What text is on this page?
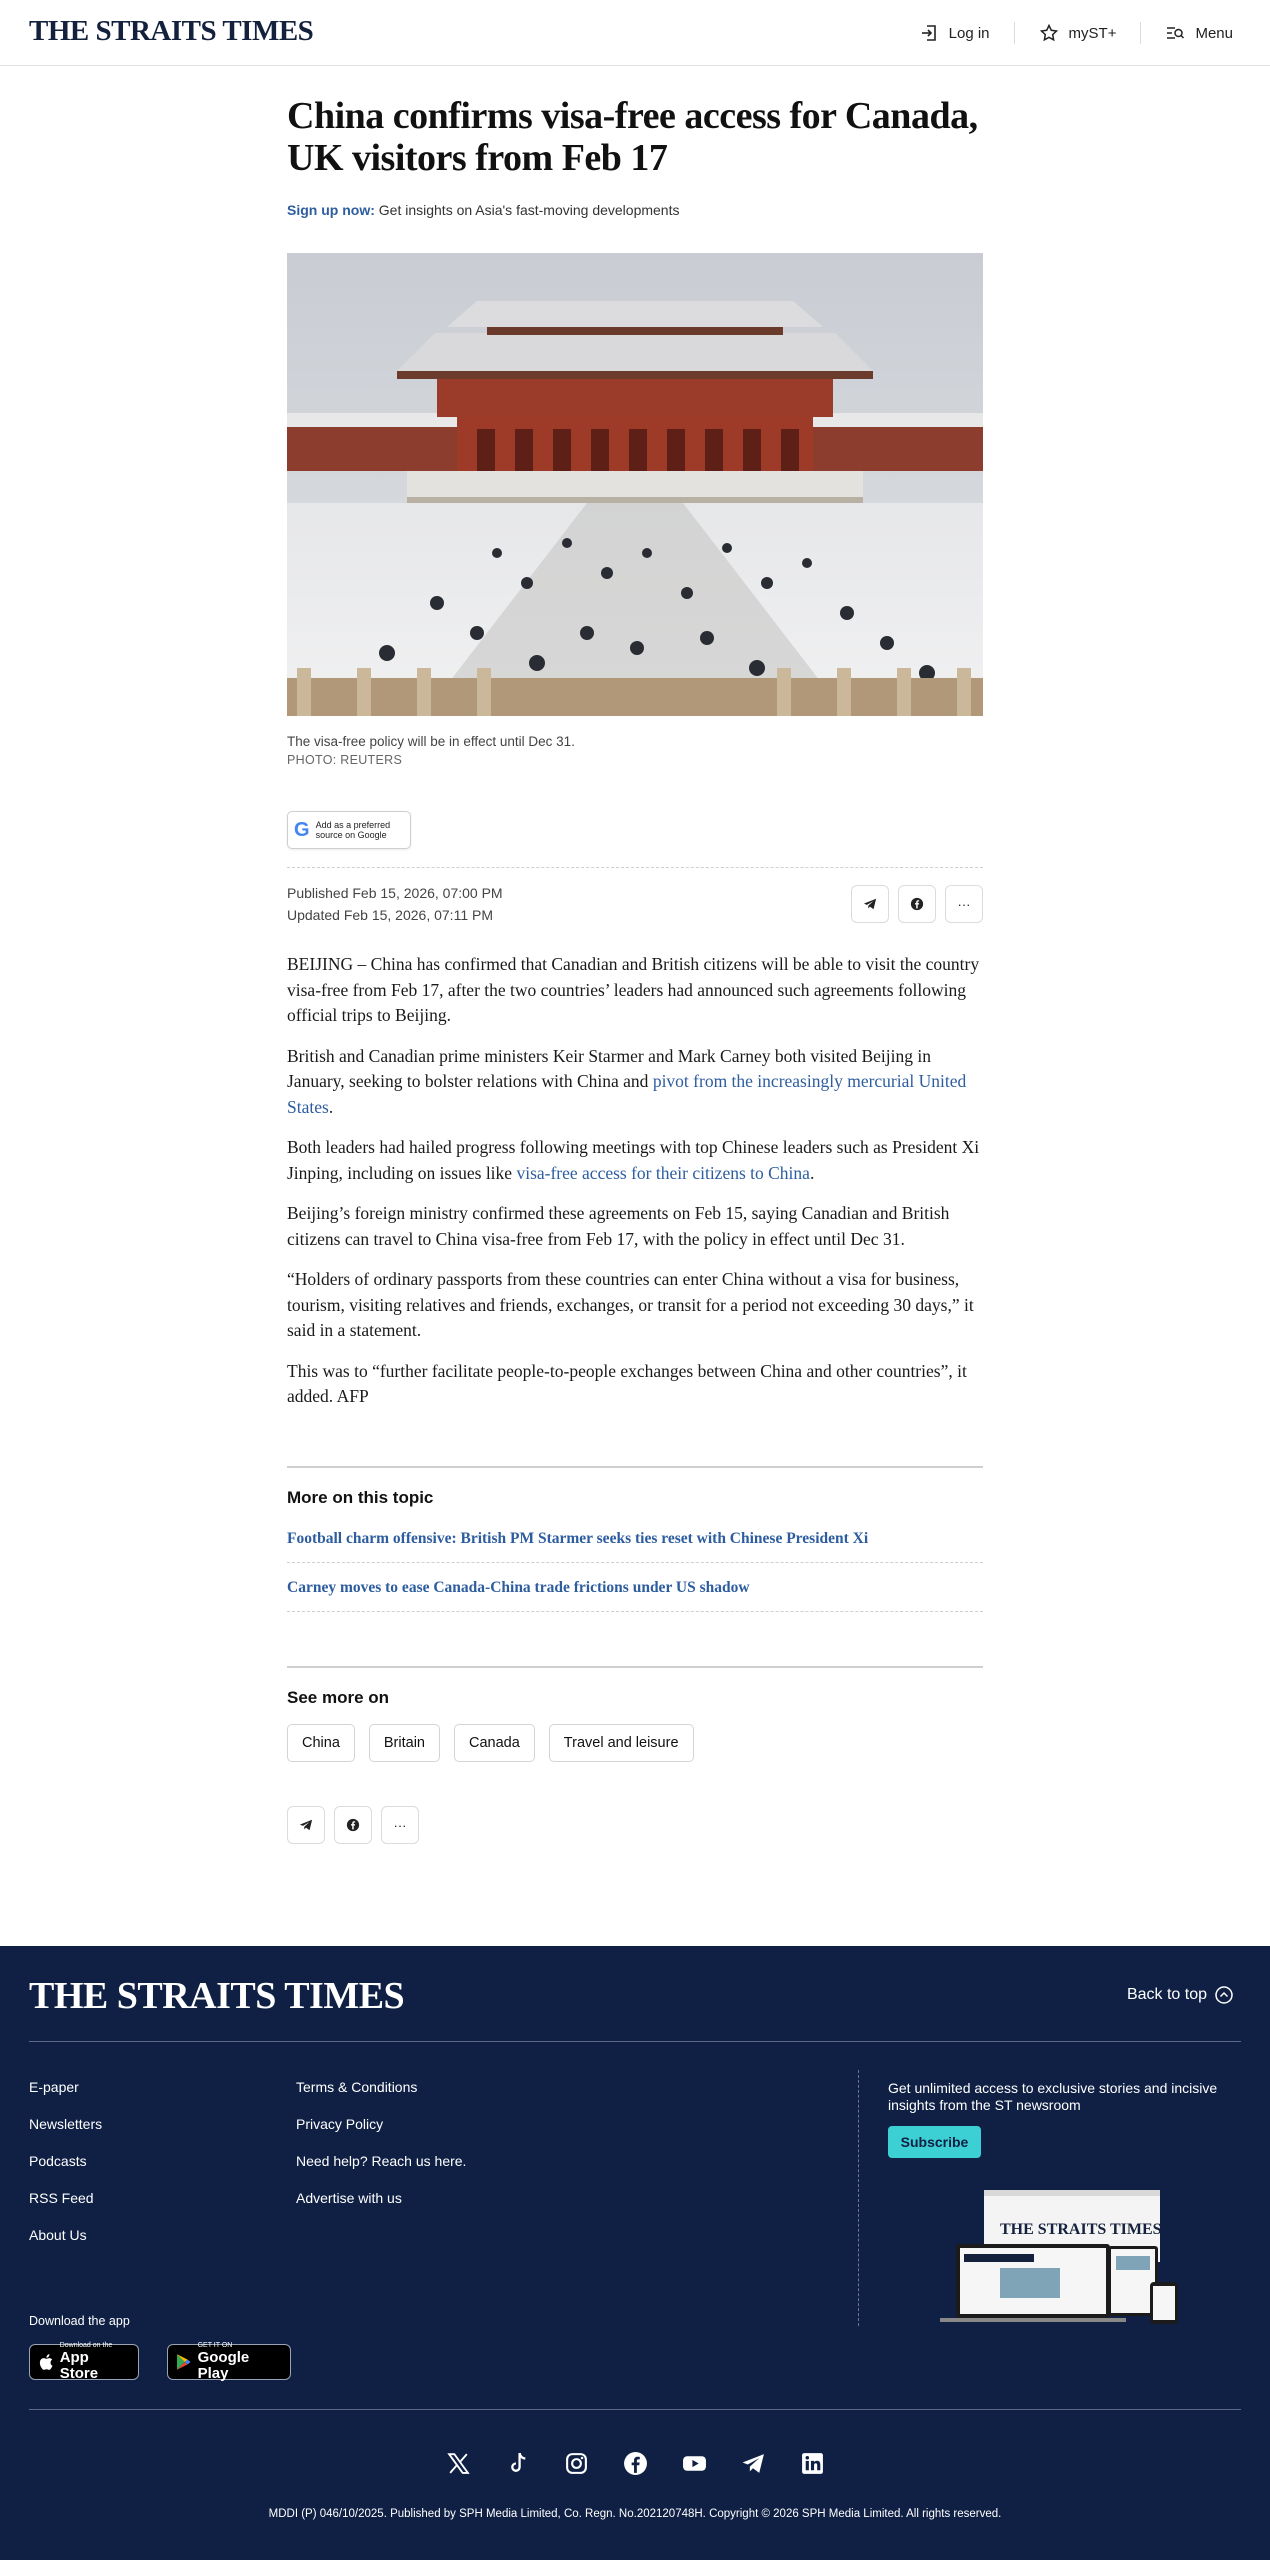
THE STRAITS TIMES	Log in	myST+	Menu
China confirms visa-free access for Canada, UK visitors from Feb 17

Sign up now: Get insights on Asia's fast-moving developments

The visa-free policy will be in effect until Dec 31.

PHOTO: REUTERS

G Add as a preferred
source on Google

Published Feb 15, 2026, 07:00 PM

Updated Feb 15, 2026, 07:11 PM

···

BEIJING – China has confirmed that Canadian and British citizens will be able to visit the country visa-free from Feb 17, after the two countries’ leaders had announced such agreements following official trips to Beijing.

British and Canadian prime ministers Keir Starmer and Mark Carney both visited Beijing in January, seeking to bolster relations with China and pivot from the increasingly mercurial United States.

Both leaders had hailed progress following meetings with top Chinese leaders such as President Xi Jinping, including on issues like visa-free access for their citizens to China.

Beijing’s foreign ministry confirmed these agreements on Feb 15, saying Canadian and British citizens can travel to China visa-free from Feb 17, with the policy in effect until Dec 31.

“Holders of ordinary passports from these countries can enter China without a visa for business, tourism, visiting relatives and friends, exchanges, or transit for a period not exceeding 30 days,” it said in a statement.

This was to “further facilitate people-to-people exchanges between China and other countries”, it added. AFP

More on this topic
Football charm offensive: British PM Starmer seeks ties reset with Chinese President Xi
Carney moves to ease Canada-China trade frictions under US shadow
See more on
China	Britain	Canada	Travel and leisure
···
THE STRAITS TIMES	Back to top
E-paper
Newsletters
Podcasts
RSS Feed
About Us
Terms & Conditions
Privacy Policy
Need help? Reach us here.
Advertise with us

Get unlimited access to exclusive stories and incisive insights from the ST newsroom

Subscribe
THE STRAITS TIMES

Download the app

Download on the
App Store
GET IT ON
Google Play

MDDI (P) 046/10/2025. Published by SPH Media Limited, Co. Regn. No.202120748H. Copyright © 2026 SPH Media Limited. All rights reserved.
